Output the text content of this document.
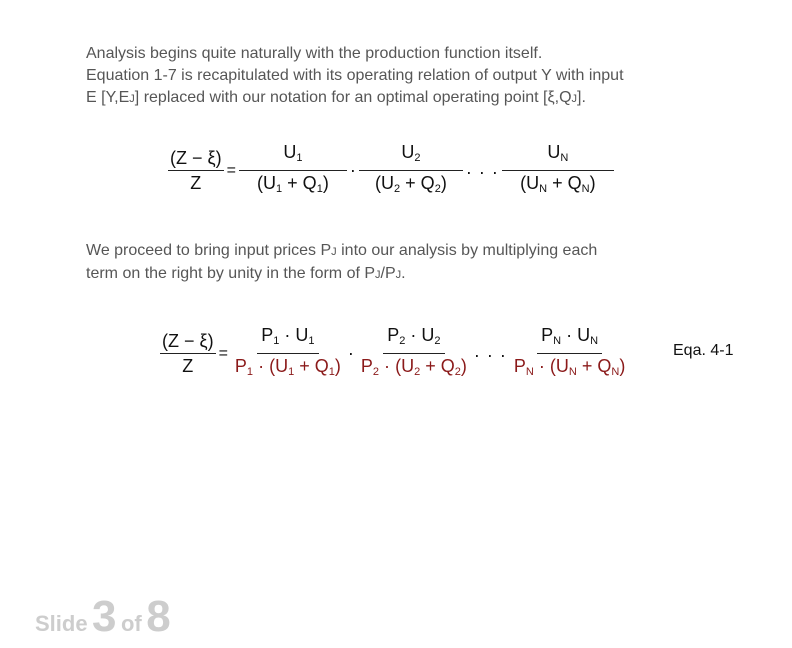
Analysis begins quite naturally with the production function itself.
Equation 1-7 is recapitulated with its operating relation of output Y with input
E [Y,EJ] replaced with our notation for an optimal operating point [ξ,QJ].

$\frac{(Z - \xi)}{Z} = \frac{U_1}{(U_1 + Q_1)} \cdot \frac{U_2}{(U_2 + Q_2)}$ · · · $\frac{U_N}{(U_N + Q_N)}$

We proceed to bring input prices PJ into our analysis by multiplying each
term on the right by unity in the form of PJ/PJ.

$\frac{(Z - \xi)}{Z} = \frac{P_1 \cdot U_1}{P_1 \cdot (U_1 + Q_1)} \cdot \frac{P_2 \cdot U_2}{P_2 \cdot (U_2 + Q_2)}$ · · · $\frac{P_N \cdot U_N}{P_N \cdot (U_N + Q_N)}$	Eqa. 4-1
Slide 3 of 8
